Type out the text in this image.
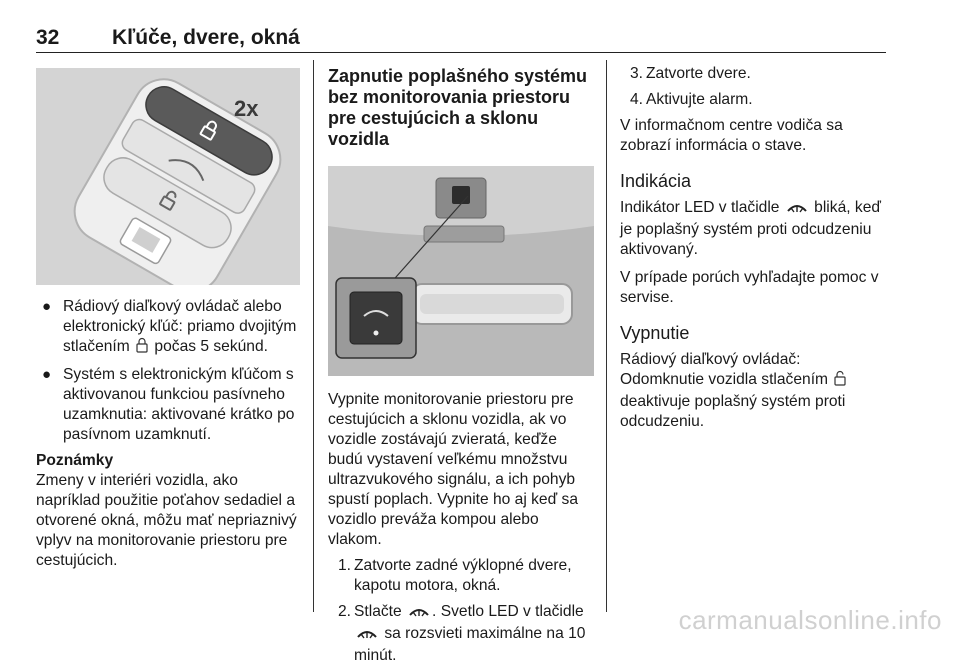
32	Kľúče, dvere, okná
2x
● Rádiový diaľkový ovládač alebo elektronický kľúč: priamo dvojitým stlačením počas 5 sekúnd.
● Systém s elektronickým kľúčom s aktivovanou funkciou pasívneho uzamknutia: aktivované krátko po pasívnom uzamknutí.

Poznámky

Zmeny v interiéri vozidla, ako napríklad použitie poťahov sedadiel a otvorené okná, môžu mať nepriaznivý vplyv na monitorovanie priestoru pre cestujúcich.

Zapnutie poplašného systému bez monitorovania priestoru pre cestujúcich a sklonu vozidla

Vypnite monitorovanie priestoru pre cestujúcich a sklonu vozidla, ak vo vozidle zostávajú zvieratá, keďže budú vystavení veľkému množstvu ultrazvukového signálu, a ich pohyb spustí poplach. Vypnite ho aj keď sa vozidlo preváža kompou alebo vlakom.

1. Zatvorte zadné výklopné dvere, kapotu motora, okná.
2. Stlačte . Svetlo LED v tlačidle  sa rozsvieti maximálne na 10 minút.
3. Zatvorte dvere.
4. Aktivujte alarm.

V informačnom centre vodiča sa zobrazí informácia o stave.

Indikácia

Indikátor LED v tlačidle bliká, keď je poplašný systém proti odcudzeniu aktivovaný.

V prípade porúch vyhľadajte pomoc v servise.

Vypnutie

Rádiový diaľkový ovládač:

Odomknutie vozidla stlačením  deaktivuje poplašný systém proti odcudzeniu.

carmanualsonline.info
